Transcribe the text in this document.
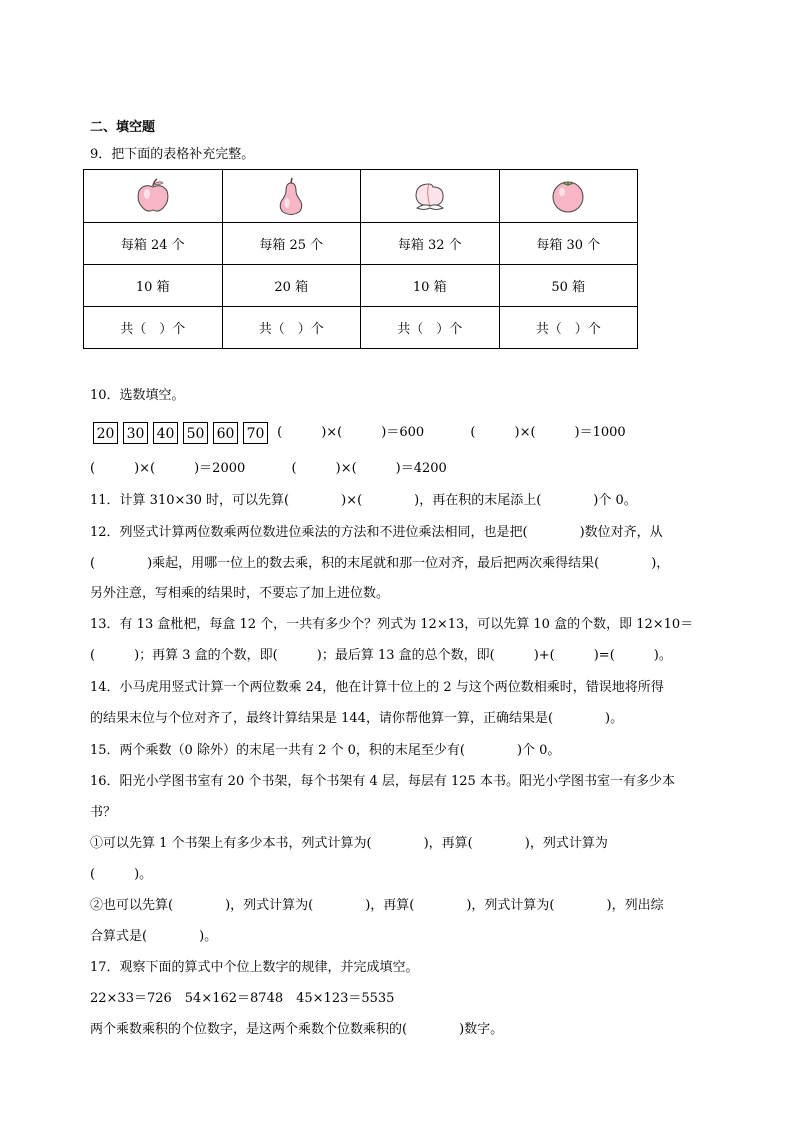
二、填空题
9．把下面的表格补充完整。

每箱 24 个	每箱 25 个	每箱 32 个	每箱 30 个
10 箱	20 箱	10 箱	50 箱
共（　）个	共（　）个	共（　）个	共（　）个
10．选数填空。
20 30 40 50 60 70 (　　　)×(　　　)＝600	(　　　)×(　　　)＝1000
(　　　)×(　　　)＝2000	(　　　)×(　　　)＝4200
11．计算 310×30 时，可以先算(　　　　)×(　　　　)，再在积的末尾添上(　　　　)个 0。
12．列竖式计算两位数乘两位数进位乘法的方法和不进位乘法相同，也是把(　　　　)数位对齐，从
(　　　　)乘起，用哪一位上的数去乘，积的末尾就和那一位对齐，最后把两次乘得结果(　　　　)，
另外注意，写相乘的结果时，不要忘了加上进位数。
13．有 13 盒枇杷，每盒 12 个，一共有多少个？列式为 12×13，可以先算 10 盒的个数，即 12×10＝
(　　　)；再算 3 盒的个数，即(　　　)；最后算 13 盒的总个数，即(　　　)+(　　　)=(　　　)。
14．小马虎用竖式计算一个两位数乘 24，他在计算十位上的 2 与这个两位数相乘时，错误地将所得
的结果末位与个位对齐了，最终计算结果是 144，请你帮他算一算，正确结果是(　　　　)。
15．两个乘数（0 除外）的末尾一共有 2 个 0，积的末尾至少有(　　　　)个 0。
16．阳光小学图书室有 20 个书架，每个书架有 4 层，每层有 125 本书。阳光小学图书室一有多少本
书？
①可以先算 1 个书架上有多少本书，列式计算为(　　　　)，再算(　　　　)，列式计算为
(　　　)。
②也可以先算(　　　　)，列式计算为(　　　　)，再算(　　　　)，列式计算为(　　　　)，列出综
合算式是(　　　　)。
17．观察下面的算式中个位上数字的规律，并完成填空。
22×33＝726　54×162＝8748　45×123＝5535
两个乘数乘积的个位数字，是这两个乘数个位数乘积的(　　　　)数字。
